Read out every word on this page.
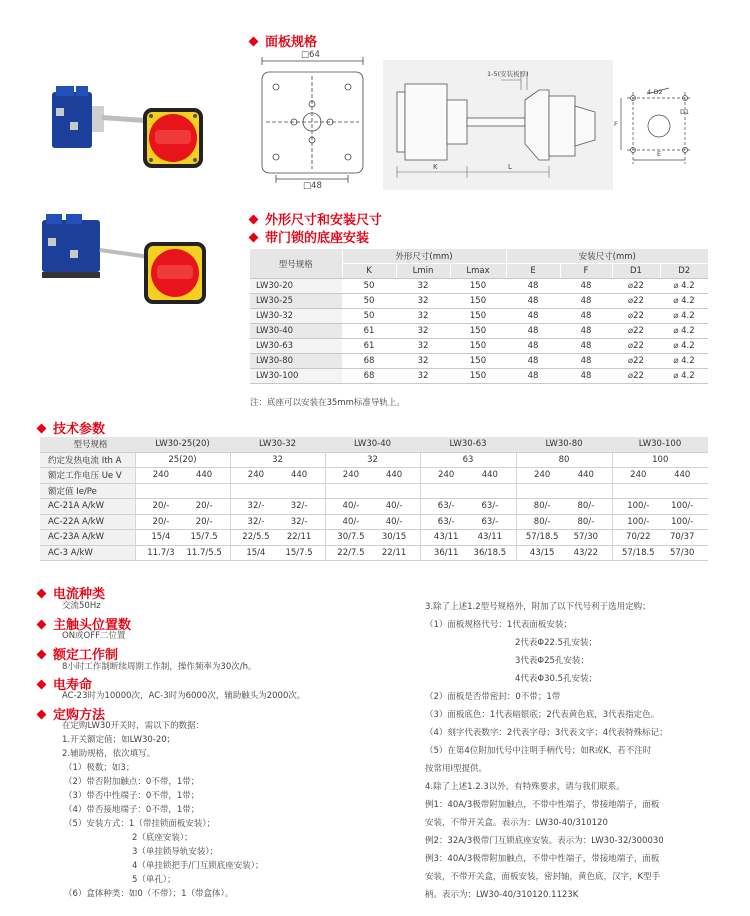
面板规格
□64
□48
1-5(安装板厚)
K	L
4-D2
D1
F
E
外形尺寸和安装尺寸
带门锁的底座安装
型号规格	外形尺寸(mm)			安装尺寸(mm)			
	K	Lmin	Lmax	E	F	D1	D2
LW30-20	50	32	150	48	48	⌀22	⌀ 4.2
LW30-25	50	32	150	48	48	⌀22	⌀ 4.2
LW30-32	50	32	150	48	48	⌀22	⌀ 4.2
LW30-40	61	32	150	48	48	⌀22	⌀ 4.2
LW30-63	61	32	150	48	48	⌀22	⌀ 4.2
LW30-80	68	32	150	48	48	⌀22	⌀ 4.2
LW30-100	68	32	150	48	48	⌀22	⌀ 4.2
注：底座可以安装在35mm标准导轨上。
技术参数
型号规格	LW30-25(20)	LW30-32	LW30-40	LW30-63	LW30-80	LW30-100
约定发热电流 Ith A	25(20)	32	32	63	80	100
额定工作电压 Ue V	240 440	240 440	240 440	240 440	240 440	240 440
额定值 Ie/Pe						
AC-21A A/kW	20/- 20/-	32/- 32/-	40/- 40/-	63/- 63/-	80/- 80/-	100/- 100/-
AC-22A A/kW	20/- 20/-	32/- 32/-	40/- 40/-	63/- 63/-	80/- 80/-	100/- 100/-
AC-23A A/kW	15/4 15/7.5	22/5.5 22/11	30/7.5 30/15	43/11 43/11	57/18.5 57/30	70/22 70/37
AC-3 A/kW	11.7/3 11.7/5.5	15/4 15/7.5	22/7.5 22/11	36/11 36/18.5	43/15 43/22	57/18.5 57/30
电流种类
交流50Hz
主触头位置数
ON或OFF二位置
额定工作制
8小时工作制断续周期工作制，操作频率为30次/h。
电寿命
AC-23时为10000次，AC-3时为6000次，辅助触头为2000次。
定购方法
在定购LW30开关时，需以下的数据：
1.开关额定值；如LW30-20；
2.辅助规格，依次填写。
（1）极数；如3；
（2）带否附加触点：0不带，1带；
（3）带否中性端子：0不带，1带；
（4）带否接地端子：0不带，1带；
（5）安装方式：1（带挂锁面板安装）；
2（底座安装）；
3（单挂锁导轨安装）；
4（单挂锁把手/门互锁底座安装）；
5（单孔）；
（6）盒体种类：如0（不带）；1（带盒体）。
3.除了上述1.2型号规格外，附加了以下代号利于选用定购；
（1）面板规格代号：1代表面板安装；
2代表Φ22.5孔安装；
3代表Φ25孔安装；
4代表Φ30.5孔安装；
（2）面板是否带密封：0不带；1带
（3）面板底色：1代表暗银底；2代表黄色底，3代表指定色。
（4）刻字代表数字：2代表字母；3代表文字；4代表特殊标记；
（5）在第4位附加代号中注明手柄代号；如R或K，若不注时
按常用Ⅰ型提供。
4.除了上述1.2.3以外，有特殊要求，请与我们联系。
例1：40A/3极带附加触点，不带中性端子，带接地端子，面板
安装，不带开关盒。表示为：LW30-40/310120
例2：32A/3极带门互锁底座安装。表示为：LW30-32/300030
例3：40A/3极带附加触点，不带中性端子，带接地端子，面板
安装，不带开关盒，面板安装，密封轴，黄色底，汉字，K型手
柄。表示为：LW30-40/310120.1123K
